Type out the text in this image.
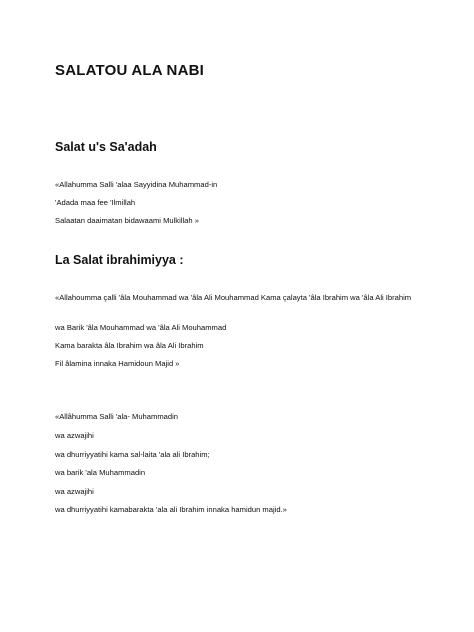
SALATOU ALA NABI
Salat u's Sa'adah

«Allahumma Salli 'alaa Sayyidina Muhammad-in

'Adada maa fee 'Ilmillah

Salaatan daaimatan bidawaami Mulkillah »

La Salat ibrahimiyya :

«Allahoumma çalli 'âla Mouhammad wa 'âla Ali Mouhammad Kama çalayta 'âla Ibrahim wa 'âla Ali Ibrahim

wa Barik 'âla Mouhammad wa 'âla Ali Mouhammad

Kama barakta âla Ibrahim wa âla Ali Ibrahim

Fil âlamina innaka Hamidoun Majid »

«Allâhumma Salli 'ala- Muhammadin

wa azwajihi

wa dhurriyyatihi kama sal-laita 'ala ali Ibrahim;

wa barik 'ala Muhammadin

wa azwajihi

wa dhurriyyatihi kamabarakta 'ala ali Ibrahim innaka hamidun majid.»
